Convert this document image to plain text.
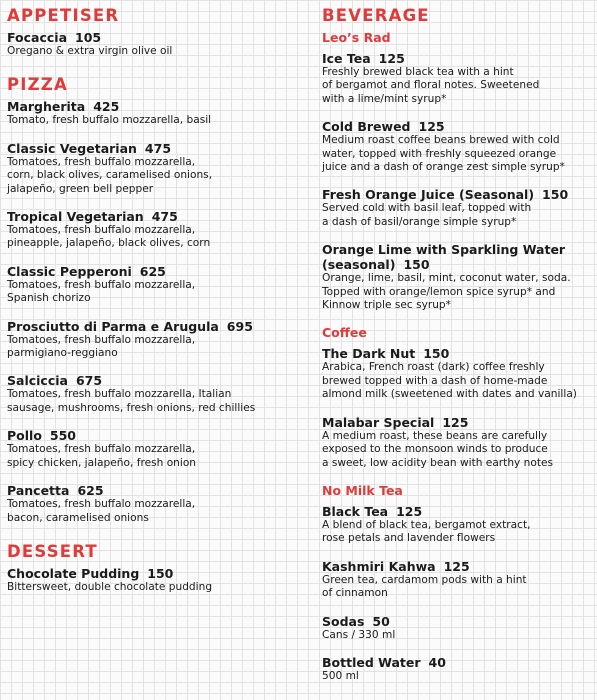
APPETISER
Focaccia 105
Oregano & extra virgin olive oil
PIZZA
Margherita 425
Tomato, fresh buffalo mozzarella, basil
Classic Vegetarian 475
Tomatoes, fresh buffalo mozzarella,
corn, black olives, caramelised onions,
jalapeño, green bell pepper
Tropical Vegetarian 475
Tomatoes, fresh buffalo mozzarella,
pineapple, jalapeño, black olives, corn
Classic Pepperoni 625
Tomatoes, fresh buffalo mozzarella,
Spanish chorizo
Prosciutto di Parma e Arugula 695
Tomatoes, fresh buffalo mozzarella,
parmigiano-reggiano
Salciccia 675
Tomatoes, fresh buffalo mozzarella, Italian
sausage, mushrooms, fresh onions, red chillies
Pollo 550
Tomatoes, fresh buffalo mozzarella,
spicy chicken, jalapeño, fresh onion
Pancetta 625
Tomatoes, fresh buffalo mozzarella,
bacon, caramelised onions
DESSERT
Chocolate Pudding 150
Bittersweet, double chocolate pudding
BEVERAGE
Leo’s Rad
Ice Tea 125
Freshly brewed black tea with a hint
of bergamot and floral notes. Sweetened
with a lime/mint syrup*
Cold Brewed 125
Medium roast coffee beans brewed with cold
water, topped with freshly squeezed orange
juice and a dash of orange zest simple syrup*
Fresh Orange Juice (Seasonal) 150
Served cold with basil leaf, topped with
a dash of basil/orange simple syrup*
Orange Lime with Sparkling Water
(seasonal) 150
Orange, lime, basil, mint, coconut water, soda.
Topped with orange/lemon spice syrup* and
Kinnow triple sec syrup*
Coffee
The Dark Nut 150
Arabica, French roast (dark) coffee freshly
brewed topped with a dash of home-made
almond milk (sweetened with dates and vanilla)
Malabar Special 125
A medium roast, these beans are carefully
exposed to the monsoon winds to produce
a sweet, low acidity bean with earthy notes
No Milk Tea
Black Tea 125
A blend of black tea, bergamot extract,
rose petals and lavender flowers
Kashmiri Kahwa 125
Green tea, cardamom pods with a hint
of cinnamon
Sodas 50
Cans / 330 ml
Bottled Water 40
500 ml
